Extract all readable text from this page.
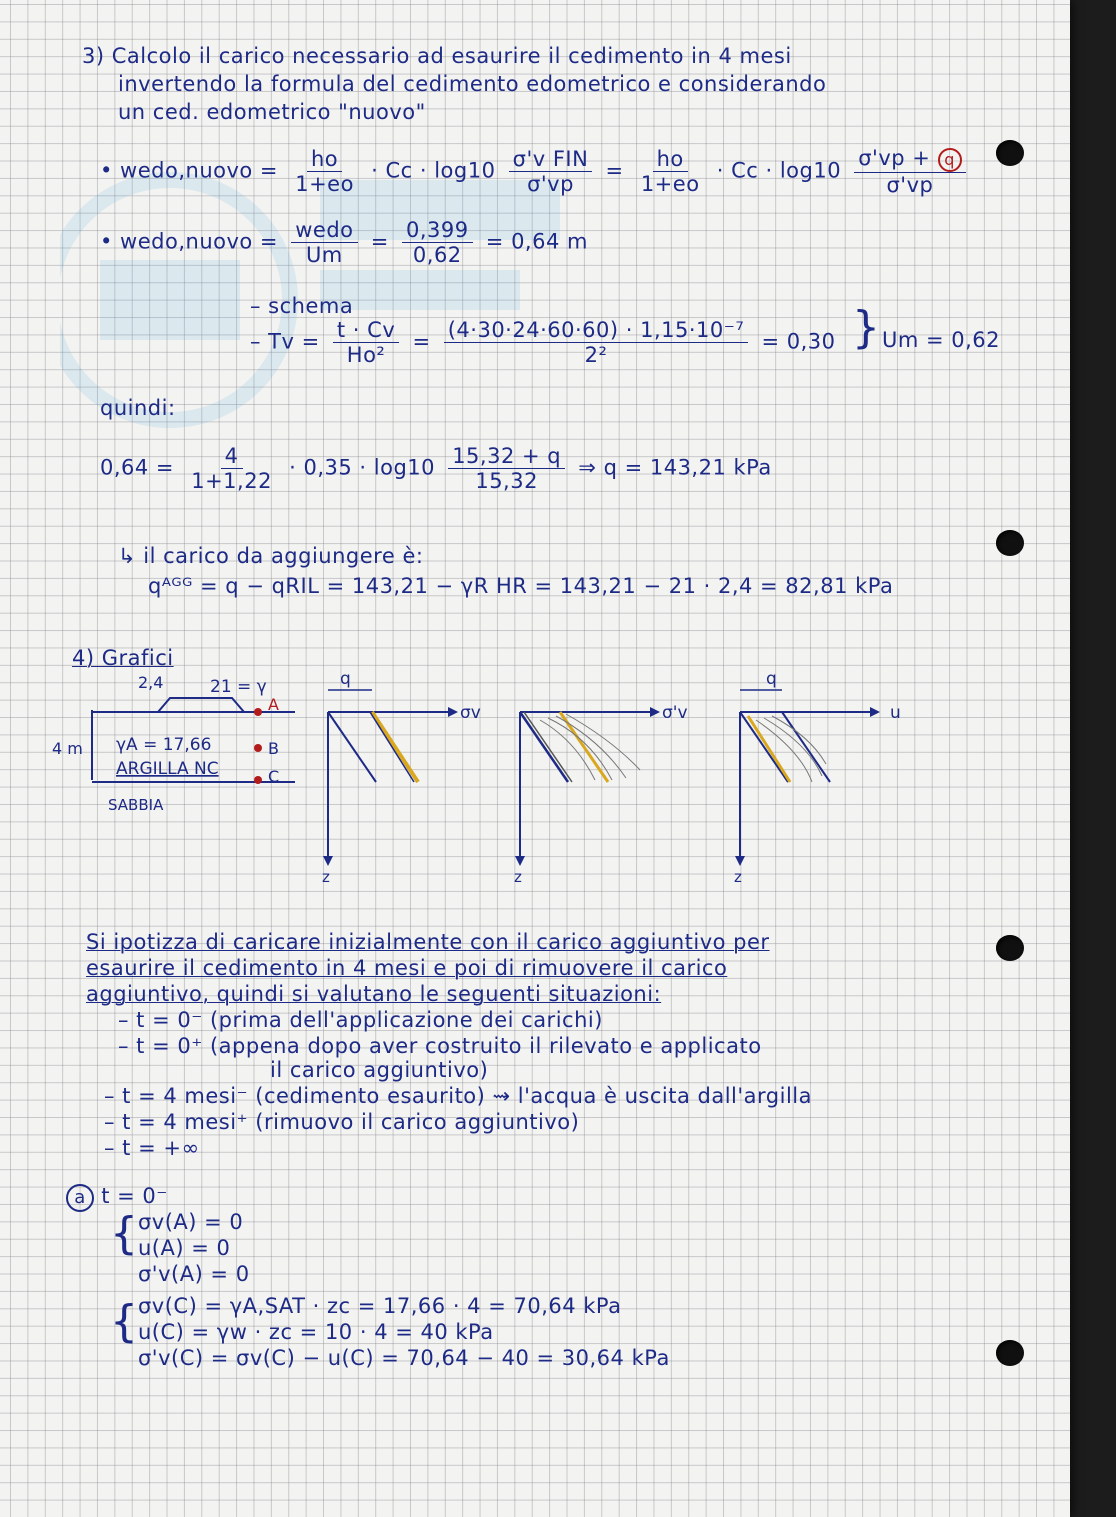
3) Calcolo il carico necessario ad esaurire il cedimento in 4 mesi
invertendo la formula del cedimento edometrico e considerando
un ced. edometrico "nuovo"
• wedo,nuovo = $\frac{ho}{1+eo} \cdot Cc \cdot \log 10 \frac{\text{σ'v FIN}}{\sigma'vp} = \frac{ho}{1+eo} \cdot Cc \cdot \log 10 \frac{\sigma'vp + q}{\sigma'vp}$
• wedo,nuovo = $\frac{\text{wedo}}{Um} = \frac{0,399}{0,62} = 0,64$ m
– schema
– $Tv = \frac{t \cdot Cv}{\text{Ho²}} = \frac{\text{(4·30·24·60·60) · 1,15·10⁻⁷}}{\text{2²}} = 0,30$ } Um = 0,62
quindi:
$0,64 = \frac{4}{1+1,22} \cdot 0,35 \cdot \log 10 \frac{15,32 + q}{15,32}$ ⇒ q = 143,21 kPa
↳ il carico da aggiungere è:
qᴬᴳᴳ = q − qRIL = 143,21 − γR HR = 143,21 − 21 · 2,4 = 82,81 kPa
4) Grafici
2,4	21 = γ
4 m γA = 17,66
ARGILLA NC
SABBIA
A
B
C
q
σv
z
σ'v
z
q
u
z
Si ipotizza di caricare inizialmente con il carico aggiuntivo per
esaurire il cedimento in 4 mesi e poi di rimuovere il carico
aggiuntivo, quindi si valutano le seguenti situazioni:
– t = 0⁻ (prima dell'applicazione dei carichi)
– t = 0⁺ (appena dopo aver costruito il rilevato e applicato
il carico aggiuntivo)
– t = 4 mesi⁻ (cedimento esaurito) ⇝ l'acqua è uscita dall'argilla
– t = 4 mesi⁺ (rimuovo il carico aggiuntivo)
– t = +∞
a t = 0⁻
{ σv(A) = 0
u(A) = 0
σ'v(A) = 0
{ σv(C) = γA,SAT · zc = 17,66 · 4 = 70,64 kPa
u(C) = γw · zc = 10 · 4 = 40 kPa
σ'v(C) = σv(C) − u(C) = 70,64 − 40 = 30,64 kPa
